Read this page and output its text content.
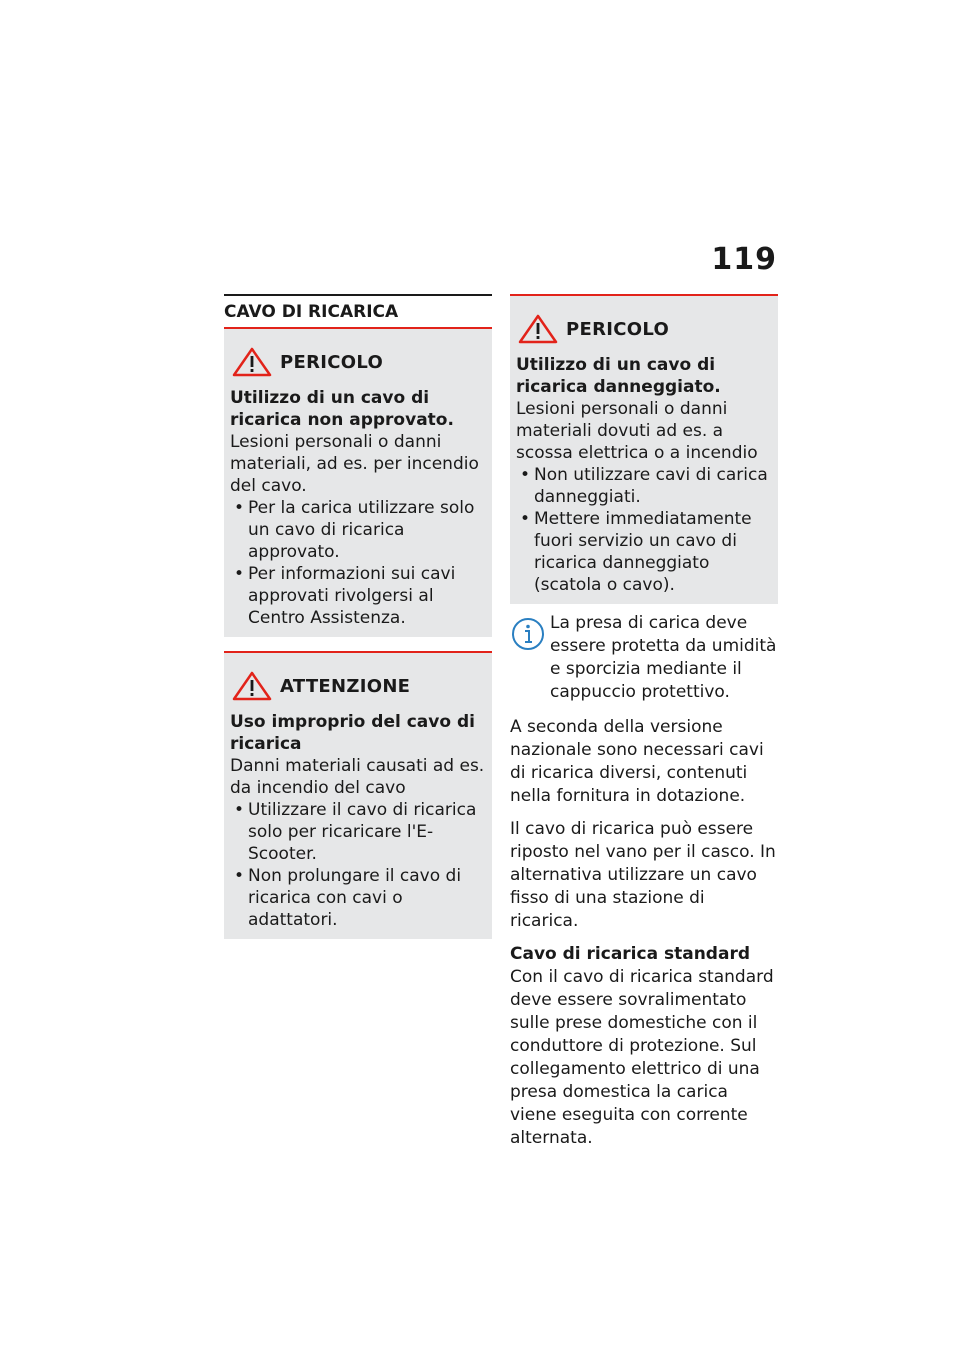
119
CAVO DI RICARICA
PERICOLO
Utilizzo di un cavo di ricarica non approvato.
Lesioni personali o danni materiali, ad es. per incendio del cavo.
• Per la carica utilizzare solo un cavo di ricarica approvato.
• Per informazioni sui cavi approvati rivolgersi al Centro Assistenza.
ATTENZIONE
Uso improprio del cavo di ricarica
Danni materiali causati ad es. da incendio del cavo
• Utilizzare il cavo di ricarica solo per ricaricare l'E-Scooter.
• Non prolungare il cavo di ricarica con cavi o adattatori.
PERICOLO
Utilizzo di un cavo di ricarica danneggiato.
Lesioni personali o danni materiali dovuti ad es. a scossa elettrica o a incendio
• Non utilizzare cavi di carica danneggiati.
• Mettere immediatamente fuori servizio un cavo di ricarica danneggiato (scatola o cavo).
La presa di carica deve essere protetta da umidità e sporcizia mediante il cappuccio protettivo.

A seconda della versione nazionale sono necessari cavi di ricarica diversi, contenuti nella fornitura in dotazione.

Il cavo di ricarica può essere riposto nel vano per il casco. In alternativa utilizzare un cavo fisso di una stazione di ricarica.

Cavo di ricarica standard

Con il cavo di ricarica standard deve essere sovralimentato sulle prese domestiche con il conduttore di protezione. Sul collegamento elettrico di una presa domestica la carica viene eseguita con corrente alternata.
